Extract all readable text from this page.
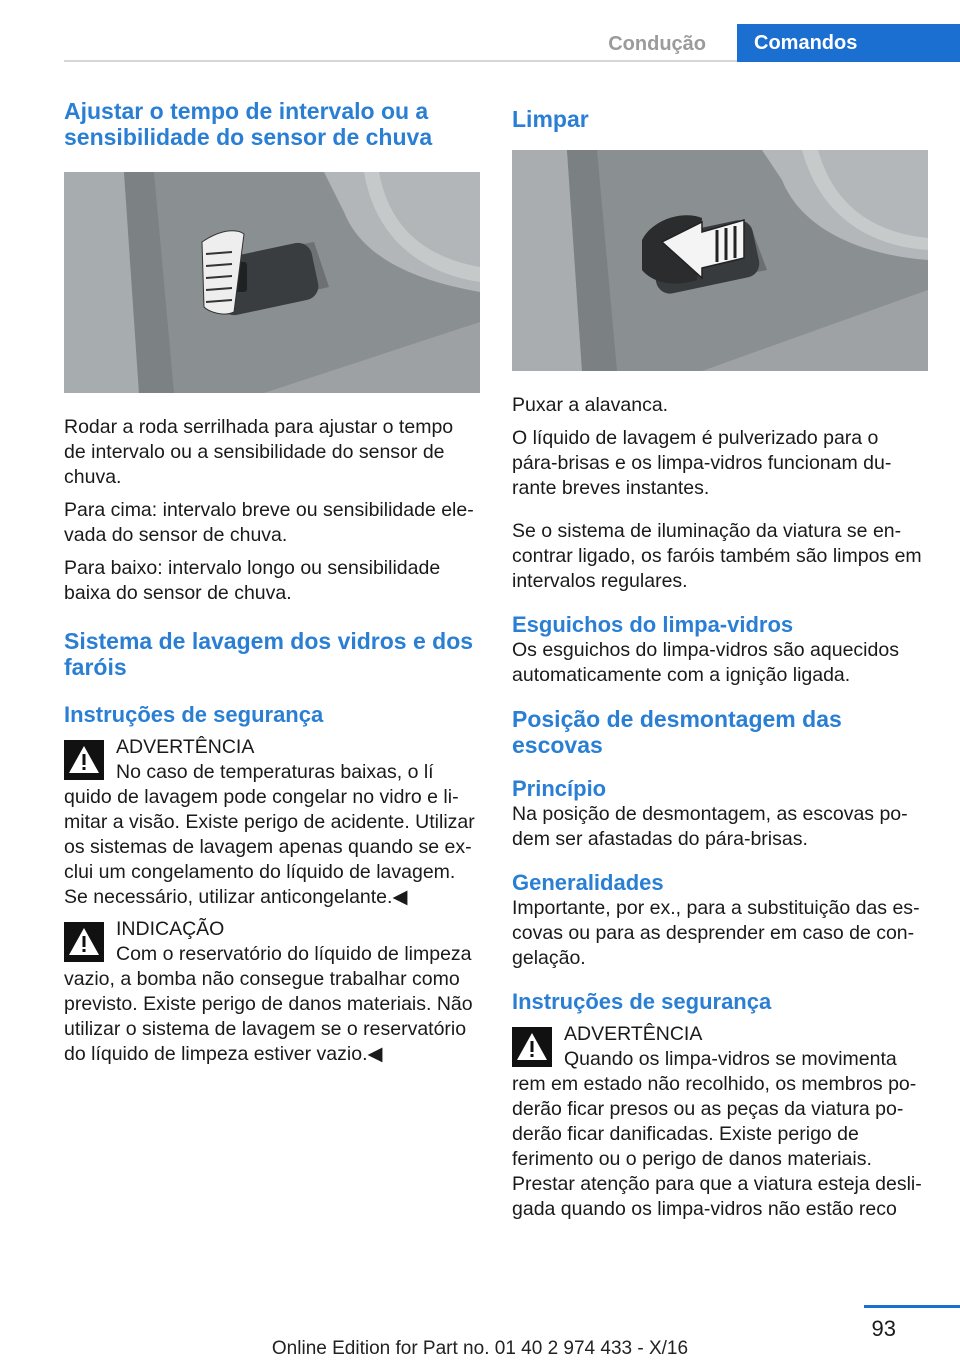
Condução	Comandos
Ajustar o tempo de intervalo ou a sensibilidade do sensor de chuva

Rodar a roda serrilhada para ajustar o tempo de intervalo ou a sensibilidade do sensor de chuva.

Para cima: intervalo breve ou sensibilidade elevada do sensor de chuva.

Para baixo: intervalo longo ou sensibilidade baixa do sensor de chuva.

Sistema de lavagem dos vidros e dos faróis
Instruções de segurança
ADVERTÊNCIA

No caso de temperaturas baixas, o lí

quido de lavagem pode congelar no vidro e limitar a visão. Existe perigo de acidente. Utilizar os sistemas de lavagem apenas quando se exclui um congelamento do líquido de lavagem. Se necessário, utilizar anticongelante.◀

INDICAÇÃO

Com o reservatório do líquido de limpeza

vazio, a bomba não consegue trabalhar como previsto. Existe perigo de danos materiais. Não utilizar o sistema de lavagem se o reservatório do líquido de limpeza estiver vazio.◀

Limpar

Puxar a alavanca.

O líquido de lavagem é pulverizado para o pára-brisas e os limpa-vidros funcionam durante breves instantes.

Se o sistema de iluminação da viatura se encontrar ligado, os faróis também são limpos em intervalos regulares.

Esguichos do limpa-vidros

Os esguichos do limpa-vidros são aquecidos automaticamente com a ignição ligada.

Posição de desmontagem das escovas
Princípio

Na posição de desmontagem, as escovas podem ser afastadas do pára-brisas.

Generalidades

Importante, por ex., para a substituição das escovas ou para as desprender em caso de congelação.

Instruções de segurança
ADVERTÊNCIA

Quando os limpa-vidros se movimenta

rem em estado não recolhido, os membros poderão ficar presos ou as peças da viatura poderão ficar danificadas. Existe perigo de ferimento ou o perigo de danos materiais. Prestar atenção para que a viatura esteja desligada quando os limpa-vidros não estão reco

93
Online Edition for Part no. 01 40 2 974 433 - X/16
